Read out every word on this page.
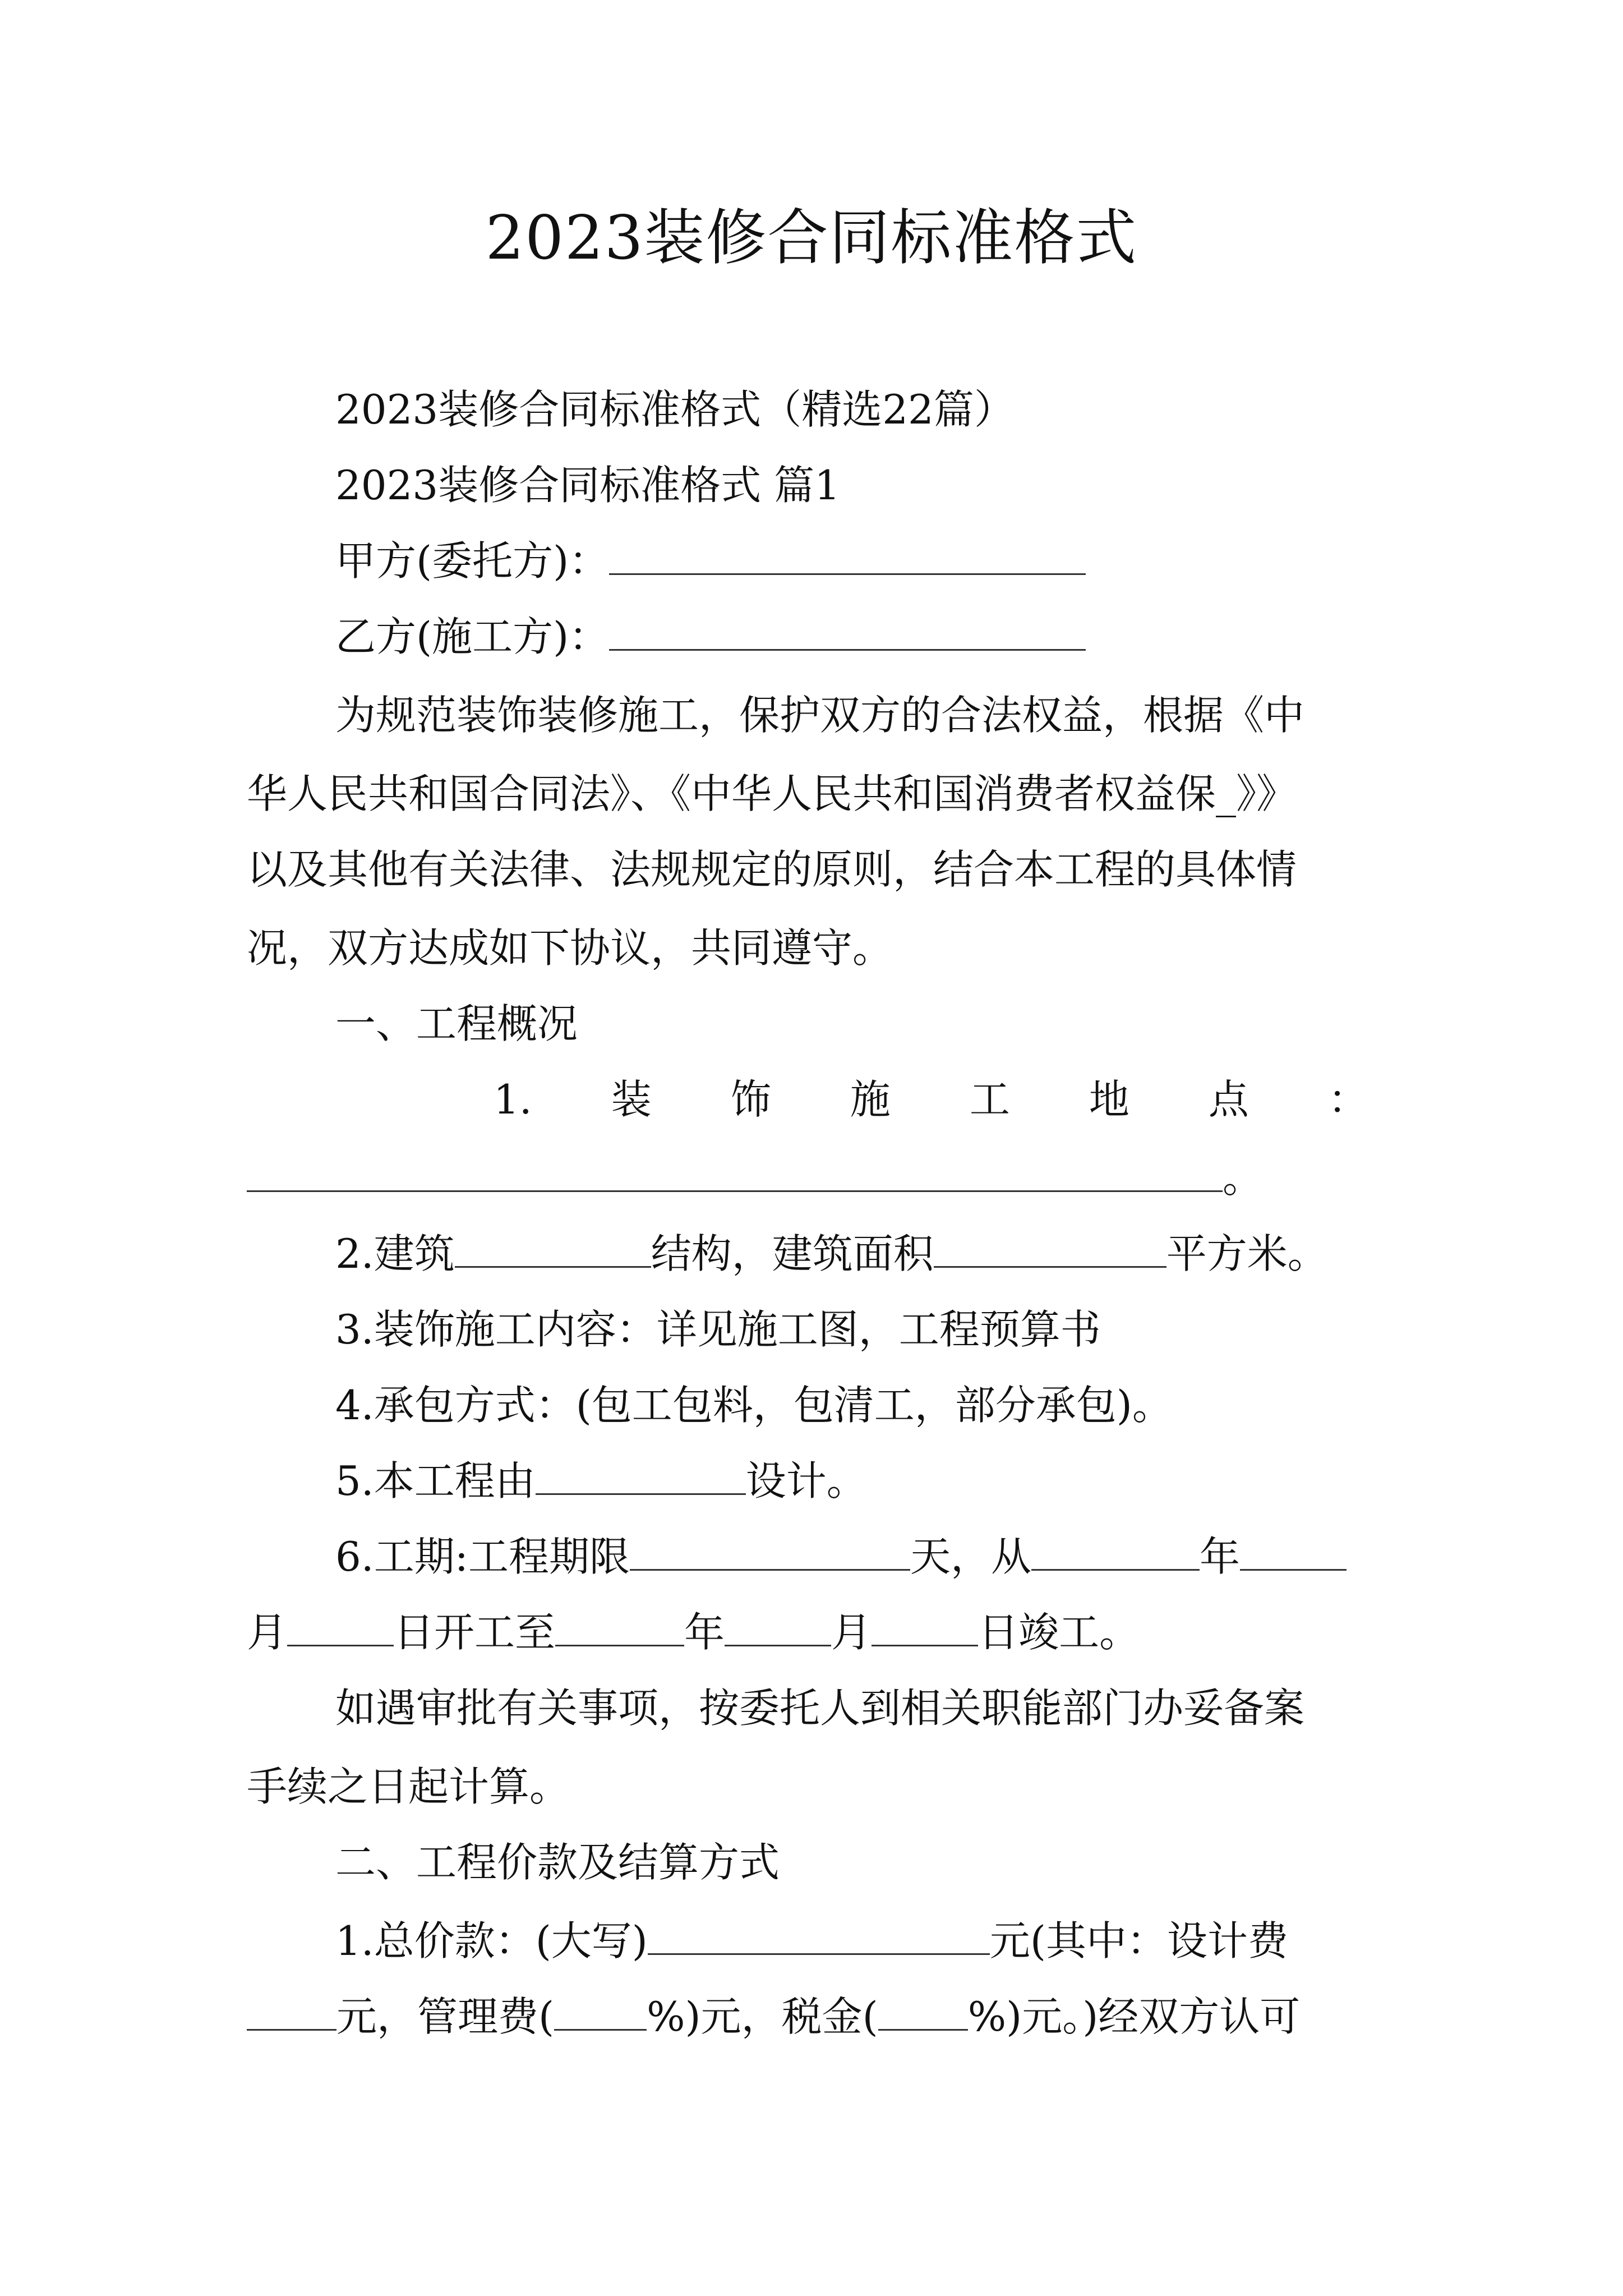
2023装修合同标准格式
2023装修合同标准格式（精选22篇）
2023装修合同标准格式 篇1
甲方(委托方)：
乙方(施工方)：
为规范装饰装修施工，保护双方的合法权益，根据《中
华人民共和国合同法》、《中华人民共和国消费者权益保_》》
以及其他有关法律、法规规定的原则，结合本工程的具体情
况，双方达成如下协议，共同遵守。
一、工程概况
1. 装 饰 施 工 地 点 ：
。
2.建筑	结构，建筑面积	平方米。
3.装饰施工内容：详见施工图，工程预算书
4.承包方式：(包工包料，包清工，部分承包)。
5.本工程由	设计。
6.工期:工程期限	天，从	年
月	日开工至	年	月	日竣工。
如遇审批有关事项，按委托人到相关职能部门办妥备案
手续之日起计算。
二、工程价款及结算方式
1.总价款：(大写)	元(其中：设计费
元，管理费( %)元，税金( %)元。)经双方认可
